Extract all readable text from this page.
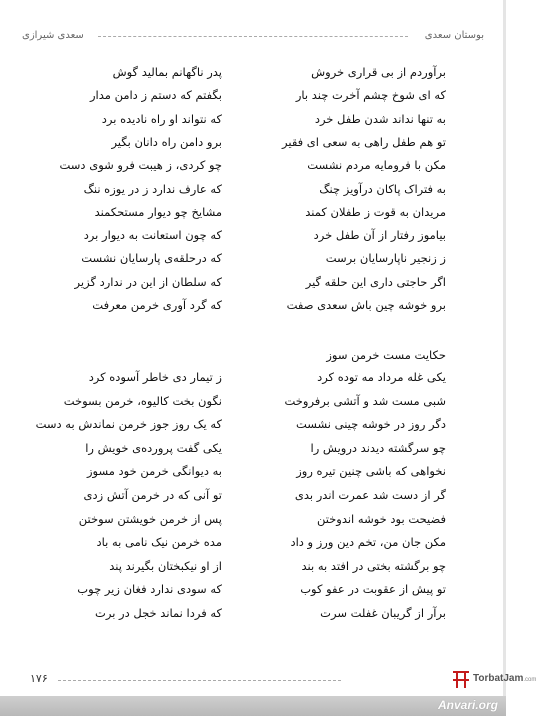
بوستان سعدی
سعدی شیرازی
حکایت مست خرمن سوز
برآوردم از بی قراری خروش
پدر ناگهانم بمالید گوش
که ای شوخ چشم آخرت چند بار
بگفتم که دستم ز دامن مدار
به تنها نداند شدن طفل خرد
که نتواند او راه نادیده برد
تو هم طفل راهی به سعی ای فقیر
برو دامن راه دانان بگیر
مکن با فرومایه مردم نشست
چو کردی، ز هیبت فرو شوی دست
به فتراک پاکان درآویز چنگ
که عارف ندارد ز در یوزه ننگ
مریدان به قوت ز طفلان کمند
مشایخ چو دیوار مستحکمند
بیاموز رفتار از آن طفل خرد
که چون استعانت به دیوار برد
ز زنجیر ناپارسایان برست
که درحلقه‌ی پارسایان نشست
اگر حاجتی داری این حلقه گیر
که سلطان از این در ندارد گزیر
برو خوشه چین باش سعدی صفت
که گرد آوری خرمن معرفت
یکی غله مرداد مه توده کرد
ز تیمار دی خاطر آسوده کرد
شبی مست شد و آتشی برفروخت
نگون بخت کالیوه، خرمن بسوخت
دگر روز در خوشه چینی نشست
که یک روز جوز خرمن نماندش به دست
چو سرگشته دیدند درویش را
یکی گفت پرورده‌ی خویش را
نخواهی که باشی چنین تیره روز
به دیوانگی خرمن خود مسوز
گر از دست شد عمرت اندر بدی
تو آنی که در خرمن آتش زدی
فضیحت بود خوشه اندوختن
پس از خرمن خویشتن سوختن
مکن جان من، تخم دین ورز و داد
مده خرمن نیک نامی به باد
چو برگشته بختی در افتد به بند
از او نیکبختان بگیرند پند
تو پیش از عقوبت در عفو کوب
که سودی ندارد فغان زیر چوب
برآر از گریبان غفلت سرت
که فردا نماند خجل در برت
۱۷۶	TorbatJam.com
Anvari.org
